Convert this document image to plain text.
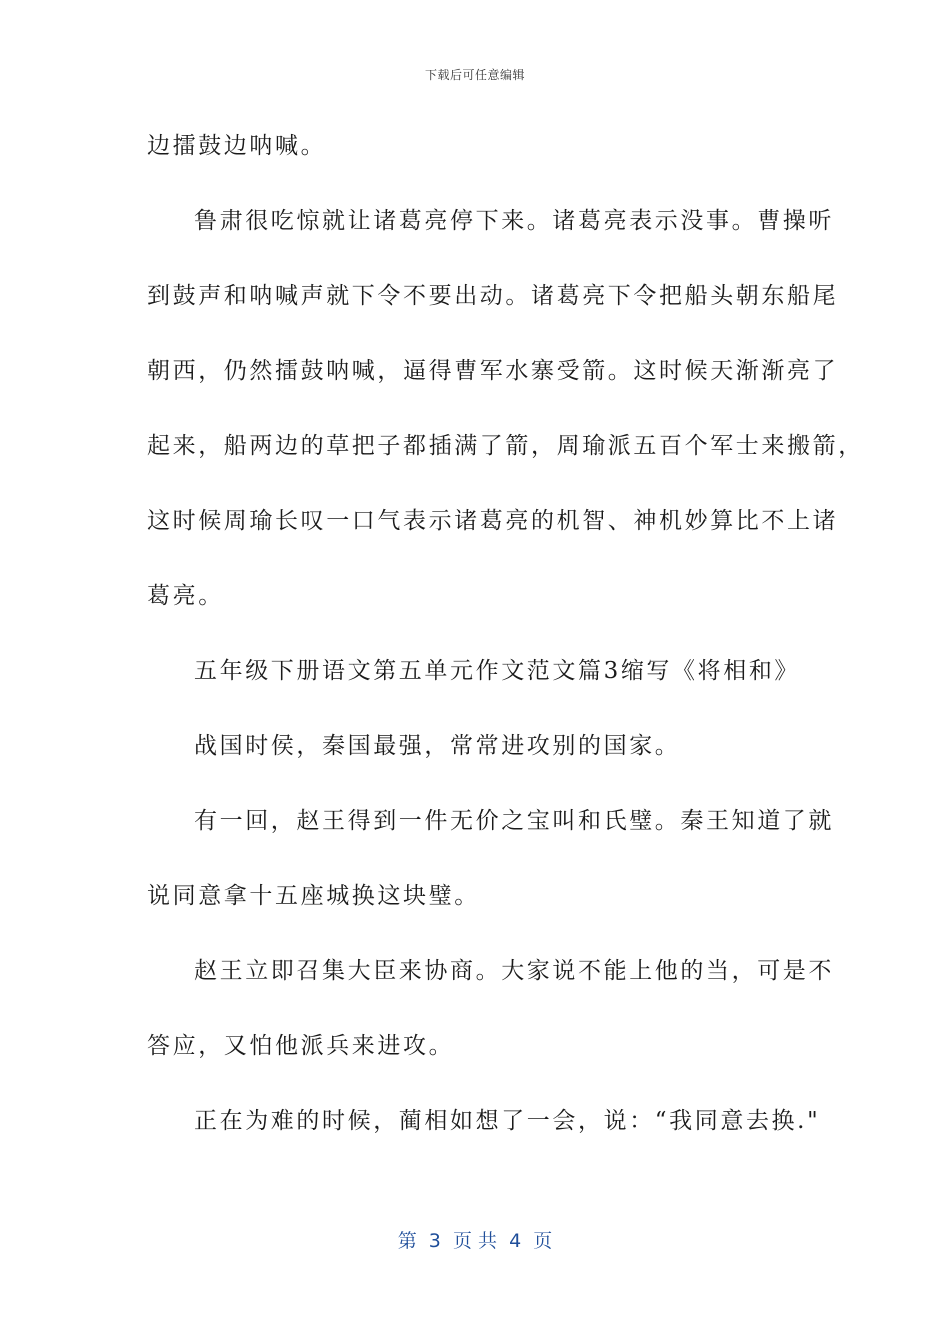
下载后可任意编辑
边擂鼓边呐喊。
鲁肃很吃惊就让诸葛亮停下来。诸葛亮表示没事。曹操听
到鼓声和呐喊声就下令不要出动。诸葛亮下令把船头朝东船尾
朝西，仍然擂鼓呐喊，逼得曹军水寨受箭。这时候天渐渐亮了
起来，船两边的草把子都插满了箭，周瑜派五百个军士来搬箭，
这时候周瑜长叹一口气表示诸葛亮的机智、神机妙算比不上诸
葛亮。
五年级下册语文第五单元作文范文篇3缩写《将相和》
战国时侯，秦国最强，常常进攻别的国家。
有一回，赵王得到一件无价之宝叫和氏璧。秦王知道了就
说同意拿十五座城换这块璧。
赵王立即召集大臣来协商。大家说不能上他的当，可是不
答应，又怕他派兵来进攻。
正在为难的时候，蔺相如想了一会，说：“我同意去换."
第  3  页 共  4  页
